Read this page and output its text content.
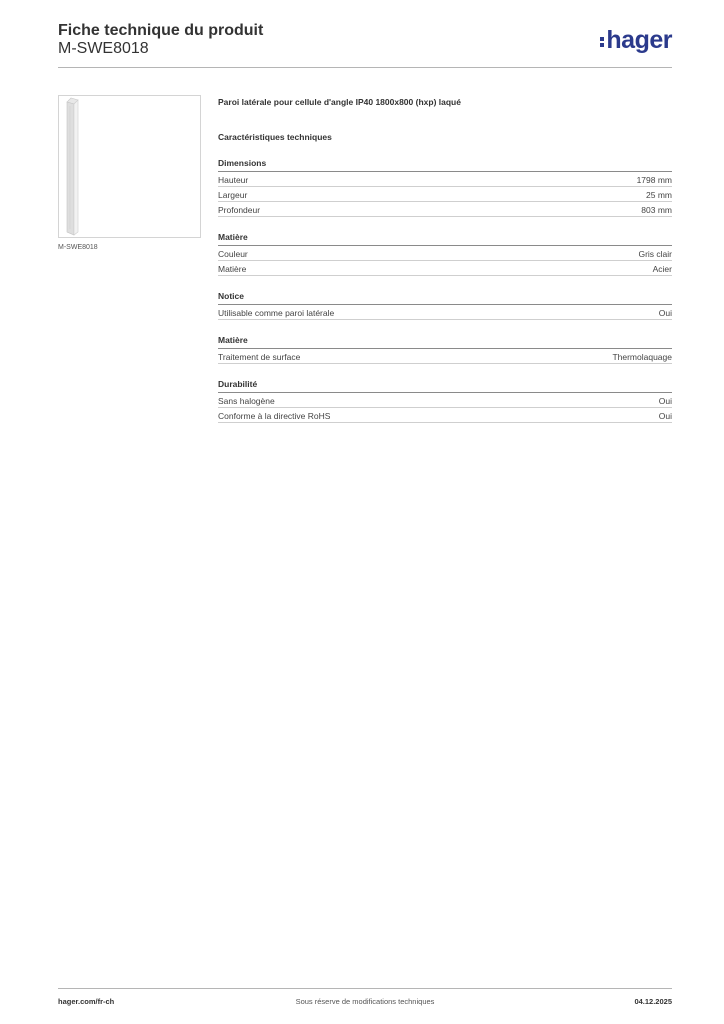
Fiche technique du produit
M-SWE8018	hager
M-SWE8018
Paroi latérale pour cellule d'angle IP40 1800x800 (hxp) laqué
Caractéristiques techniques
Dimensions
Hauteur	1798 mm
Largeur	25 mm
Profondeur	803 mm
Matière
Couleur	Gris clair
Matière	Acier
Notice
Utilisable comme paroi latérale	Oui
Matière
Traitement de surface	Thermolaquage
Durabilité
Sans halogène	Oui
Conforme à la directive RoHS	Oui
hager.com/fr-ch	Sous réserve de modifications techniques	04.12.2025
